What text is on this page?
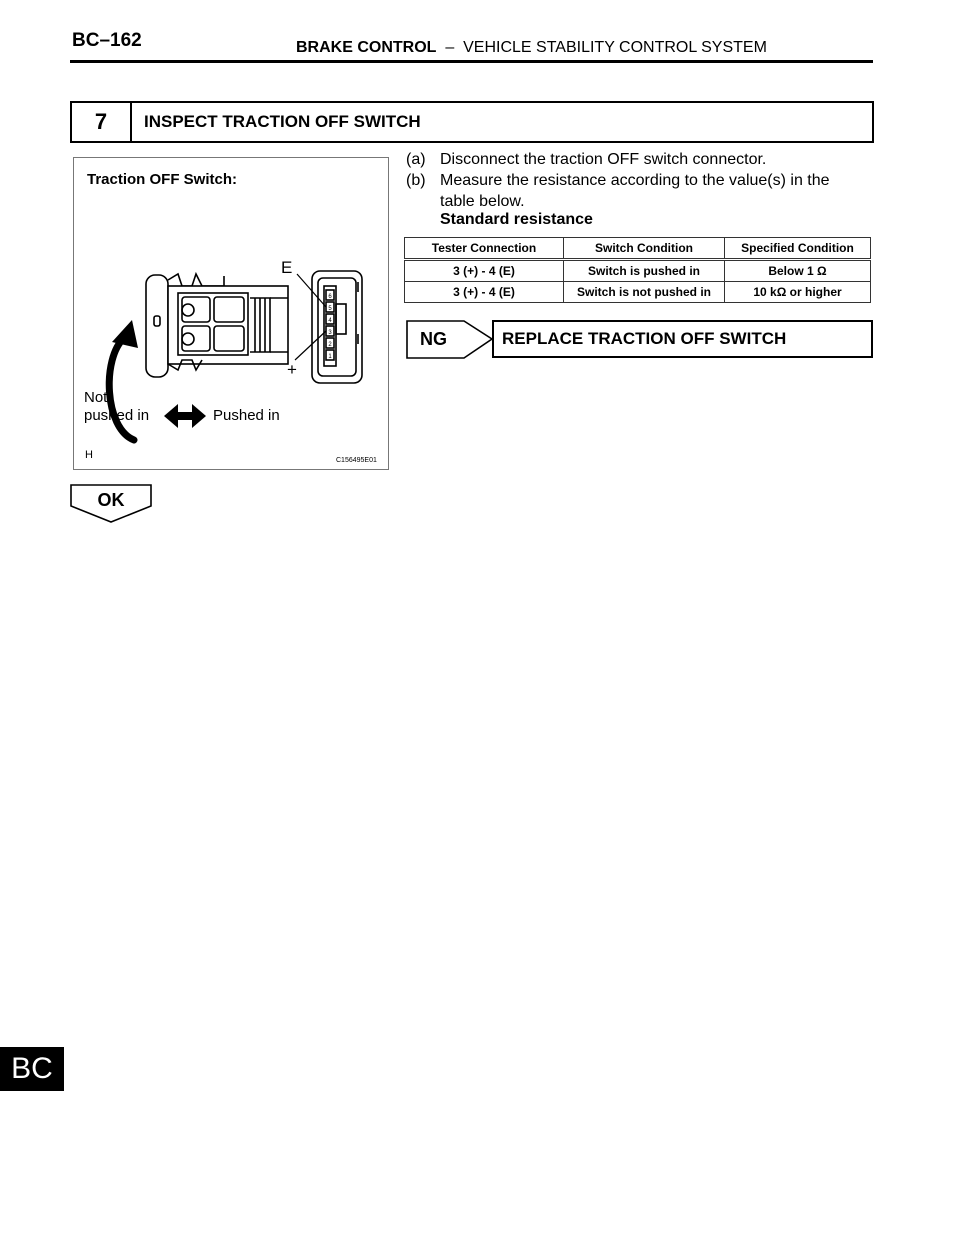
BC–162	BRAKE CONTROL  –  VEHICLE STABILITY CONTROL SYSTEM
7	INSPECT TRACTION OFF SWITCH
Traction OFF Switch:
6
5
4
3
2
1
E
+
Not
pushed in	Pushed in
H	C156495E01
(a) Disconnect the traction OFF switch connector.
(b) Measure the resistance according to the value(s) in the
table below.
Standard resistance
Tester Connection	Switch Condition	Specified Condition
3 (+) - 4 (E)	Switch is pushed in	Below 1 Ω
3 (+) - 4 (E)	Switch is not pushed in	10 kΩ or higher
NG	REPLACE TRACTION OFF SWITCH
OK
BC
